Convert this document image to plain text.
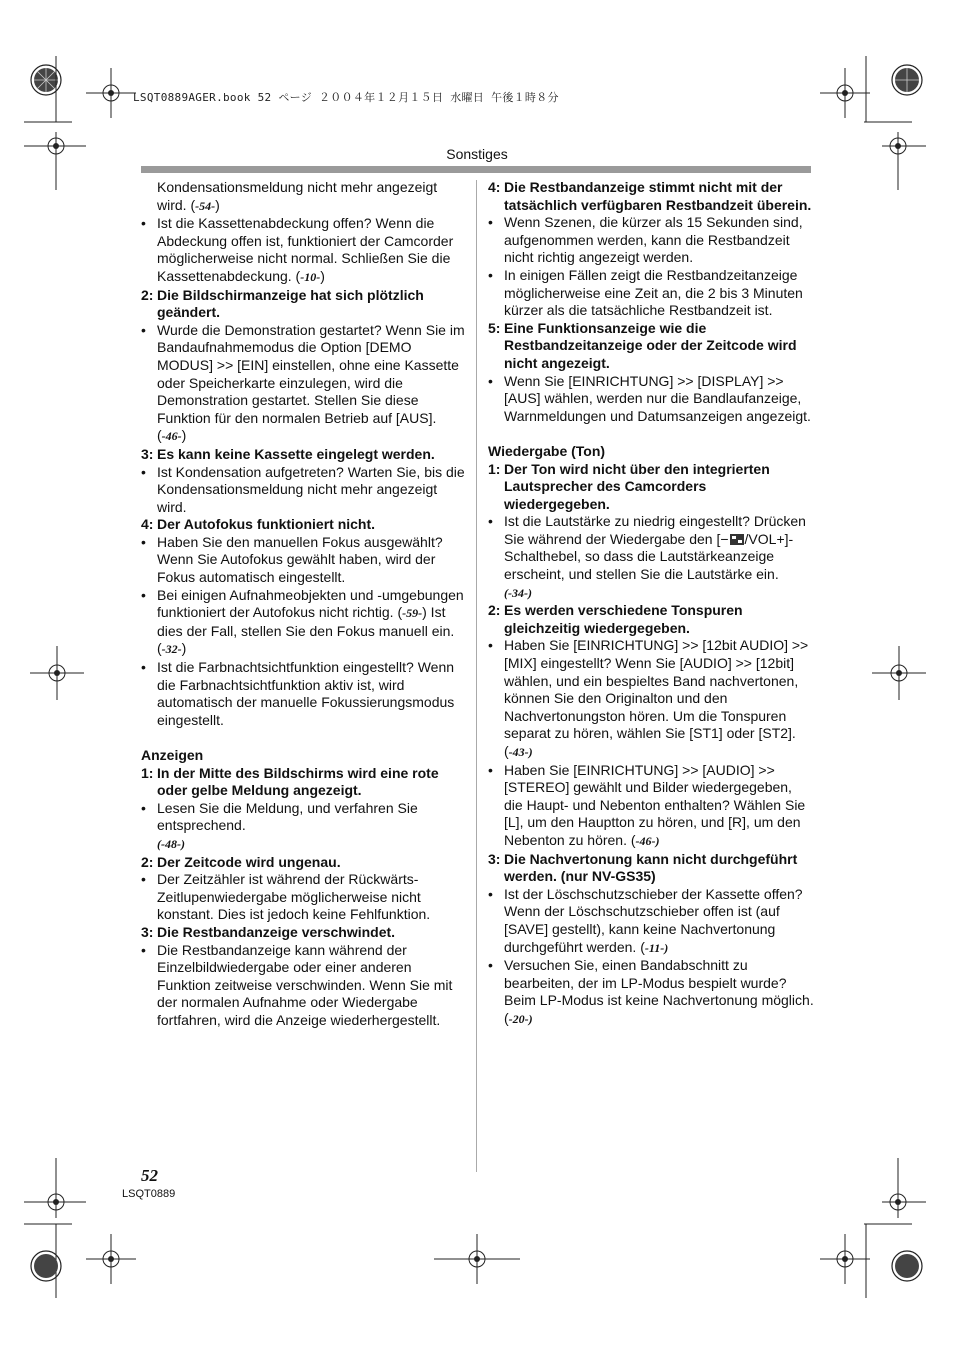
LSQT0889AGER.book 52 ページ ２００４年１２月１５日 水曜日 午後１時８分
Sonstiges

Kondensationsmeldung nicht mehr angezeigt wird. (-54-)

• Ist die Kassettenabdeckung offen? Wenn die Abdeckung offen ist, funktioniert der Camcorder möglicherweise nicht normal. Schließen Sie die Kassettenabdeckung. (-10-)
2: Die Bildschirmanzeige hat sich plötzlich geändert.
• Wurde die Demonstration gestartet? Wenn Sie im Bandaufnahmemodus die Option [DEMO MODUS] >> [EIN] einstellen, ohne eine Kassette oder Speicherkarte einzulegen, wird die Demonstration gestartet. Stellen Sie diese Funktion für den normalen Betrieb auf [AUS]. (-46-)
3: Es kann keine Kassette eingelegt werden.
• Ist Kondensation aufgetreten? Warten Sie, bis die Kondensationsmeldung nicht mehr angezeigt wird.
4: Der Autofokus funktioniert nicht.
• Haben Sie den manuellen Fokus ausgewählt? Wenn Sie Autofokus gewählt haben, wird der Fokus automatisch eingestellt.
• Bei einigen Aufnahmeobjekten und -umgebungen funktioniert der Autofokus nicht richtig. (-59-) Ist dies der Fall, stellen Sie den Fokus manuell ein. (-32-)
• Ist die Farbnachtsichtfunktion eingestellt? Wenn die Farbnachtsichtfunktion aktiv ist, wird automatisch der manuelle Fokussierungsmodus eingestellt.
Anzeigen
1: In der Mitte des Bildschirms wird eine rote oder gelbe Meldung angezeigt.
• Lesen Sie die Meldung, und verfahren Sie entsprechend.
(-48-)
2: Der Zeitcode wird ungenau.
• Der Zeitzähler ist während der Rückwärts-Zeitlupenwiedergabe möglicherweise nicht konstant. Dies ist jedoch keine Fehlfunktion.
3: Die Restbandanzeige verschwindet.
• Die Restbandanzeige kann während der Einzelbildwiedergabe oder einer anderen Funktion zeitweise verschwinden. Wenn Sie mit der normalen Aufnahme oder Wiedergabe fortfahren, wird die Anzeige wiederhergestellt.
4: Die Restbandanzeige stimmt nicht mit der tatsächlich verfügbaren Restbandzeit überein.
• Wenn Szenen, die kürzer als 15 Sekunden sind, aufgenommen werden, kann die Restbandzeit nicht richtig angezeigt werden.
• In einigen Fällen zeigt die Restbandzeitanzeige möglicherweise eine Zeit an, die 2 bis 3 Minuten kürzer als die tatsächliche Restbandzeit ist.
5: Eine Funktionsanzeige wie die Restbandzeitanzeige oder der Zeitcode wird nicht angezeigt.
• Wenn Sie [EINRICHTUNG] >> [DISPLAY] >> [AUS] wählen, werden nur die Bandlaufanzeige, Warnmeldungen und Datumsanzeigen angezeigt.
Wiedergabe (Ton)
1: Der Ton wird nicht über den integrierten Lautsprecher des Camcorders wiedergegeben.
• Ist die Lautstärke zu niedrig eingestellt? Drücken Sie während der Wiedergabe den [− /VOL+]-Schalthebel, so dass die Lautstärkeanzeige erscheint, und stellen Sie die Lautstärke ein.
(-34-)
2: Es werden verschiedene Tonspuren gleichzeitig wiedergegeben.
• Haben Sie [EINRICHTUNG] >> [12bit AUDIO] >> [MIX] eingestellt? Wenn Sie [AUDIO] >> [12bit] wählen, und ein bespieltes Band nachvertonen, können Sie den Originalton und den Nachvertonungston hören. Um die Tonspuren separat zu hören, wählen Sie [ST1] oder [ST2]. (-43-)
• Haben Sie [EINRICHTUNG] >> [AUDIO] >> [STEREO] gewählt und Bilder wiedergegeben, die Haupt- und Nebenton enthalten? Wählen Sie [L], um den Hauptton zu hören, und [R], um den Nebenton zu hören. (-46-)
3: Die Nachvertonung kann nicht durchgeführt werden. (nur NV-GS35)
• Ist der Löschschutzschieber der Kassette offen? Wenn der Löschschutzschieber offen ist (auf [SAVE] gestellt), kann keine Nachvertonung durchgeführt werden. (-11-)
• Versuchen Sie, einen Bandabschnitt zu bearbeiten, der im LP-Modus bespielt wurde? Beim LP-Modus ist keine Nachvertonung möglich. (-20-)
52
LSQT0889
